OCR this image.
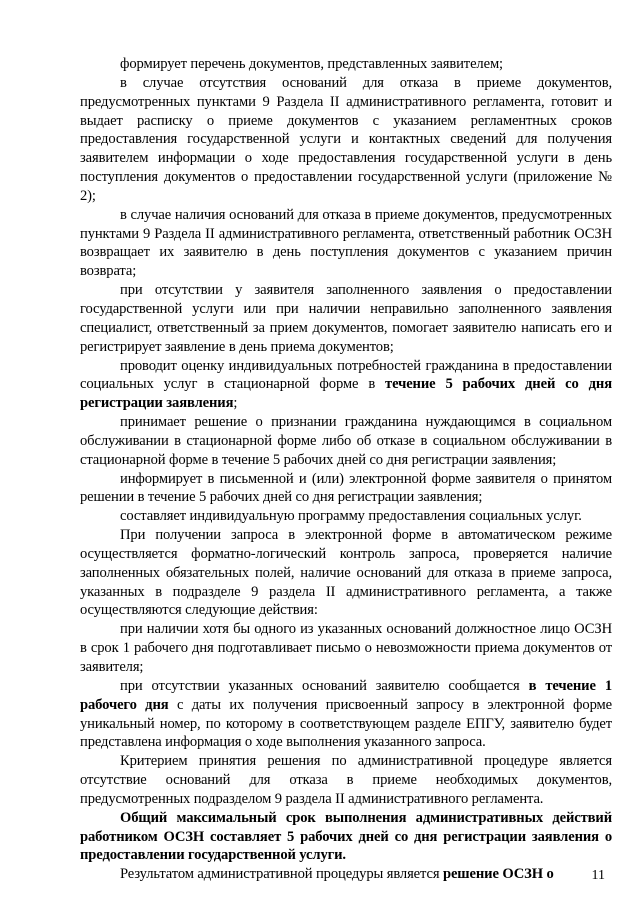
формирует перечень документов, представленных заявителем;

в случае отсутствия оснований для отказа в приеме документов, предусмотренных пунктами 9 Раздела II административного регламента, готовит и выдает расписку о приеме документов с указанием регламентных сроков предоставления государственной услуги и контактных сведений для получения заявителем информации о ходе предоставления государственной услуги в день поступления документов о предоставлении государственной услуги (приложение № 2);

в случае наличия оснований для отказа в приеме документов, предусмотренных пунктами 9 Раздела II административного регламента, ответственный работник ОСЗН возвращает их заявителю в день поступления документов с указанием причин возврата;

при отсутствии у заявителя заполненного заявления о предоставлении государственной услуги или при наличии неправильно заполненного заявления специалист, ответственный за прием документов, помогает заявителю написать его и регистрирует заявление в день приема документов;

проводит оценку индивидуальных потребностей гражданина в предоставлении социальных услуг в стационарной форме в течение 5 рабочих дней со дня регистрации заявления;

принимает решение о признании гражданина нуждающимся в социальном обслуживании в стационарной форме либо об отказе в социальном обслуживании в стационарной форме в течение 5 рабочих дней со дня регистрации заявления;

информирует в письменной и (или) электронной форме заявителя о принятом решении в течение 5 рабочих дней со дня регистрации заявления;

составляет индивидуальную программу предоставления социальных услуг.

При получении запроса в электронной форме в автоматическом режиме осуществляется форматно-логический контроль запроса, проверяется наличие заполненных обязательных полей, наличие оснований для отказа в приеме запроса, указанных в подразделе 9 раздела II административного регламента, а также осуществляются следующие действия:

при наличии хотя бы одного из указанных оснований должностное лицо ОСЗН в срок 1 рабочего дня подготавливает письмо о невозможности приема документов от заявителя;

при отсутствии указанных оснований заявителю сообщается в течение 1 рабочего дня с даты их получения присвоенный запросу в электронной форме уникальный номер, по которому в соответствующем разделе ЕПГУ, заявителю будет представлена информация о ходе выполнения указанного запроса.

Критерием принятия решения по административной процедуре является отсутствие оснований для отказа в приеме необходимых документов, предусмотренных подразделом 9 раздела II административного регламента.

Общий максимальный срок выполнения административных действий работником ОСЗН составляет 5 рабочих дней со дня регистрации заявления о предоставлении государственной услуги.

Результатом административной процедуры является решение ОСЗН о	11
